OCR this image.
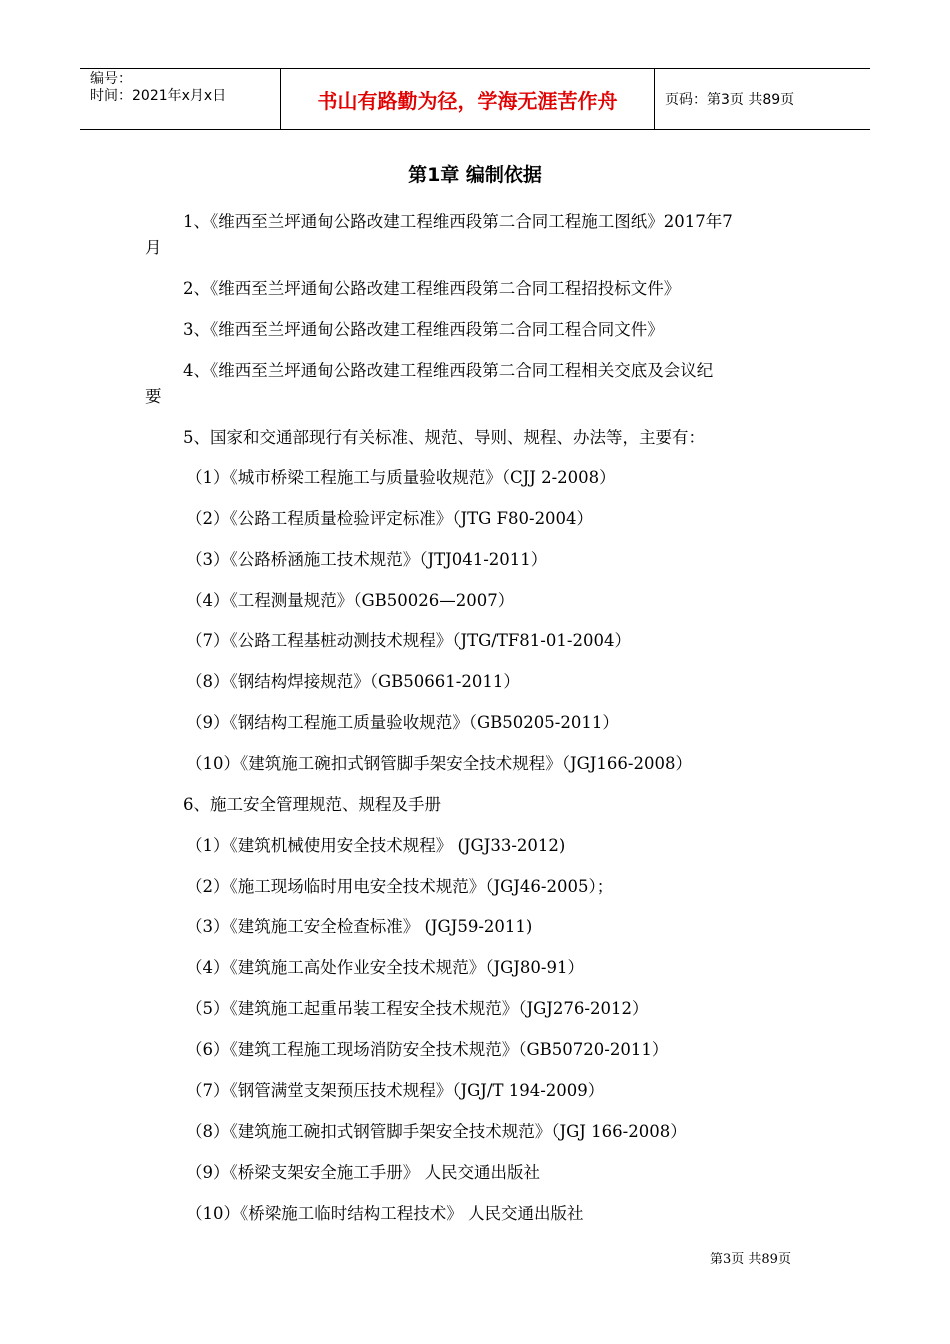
编号：
时间：2021年x月x日	书山有路勤为径，学海无涯苦作舟	页码：第3页 共89页
第1章 编制依据
1、《维西至兰坪通甸公路改建工程维西段第二合同工程施工图纸》2017年7
月
2、《维西至兰坪通甸公路改建工程维西段第二合同工程招投标文件》
3、《维西至兰坪通甸公路改建工程维西段第二合同工程合同文件》
4、《维西至兰坪通甸公路改建工程维西段第二合同工程相关交底及会议纪
要
5、国家和交通部现行有关标准、规范、导则、规程、办法等，主要有：
（1）《城市桥梁工程施工与质量验收规范》（CJJ 2-2008）
（2）《公路工程质量检验评定标准》（JTG F80-2004）
（3）《公路桥涵施工技术规范》（JTJ041-2011）
（4）《工程测量规范》（GB50026—2007）
（7）《公路工程基桩动测技术规程》（JTG/TF81-01-2004）
（8）《钢结构焊接规范》（GB50661-2011）
（9）《钢结构工程施工质量验收规范》（GB50205-2011）
（10）《建筑施工碗扣式钢管脚手架安全技术规程》（JGJ166-2008）
6、施工安全管理规范、规程及手册
（1）《建筑机械使用安全技术规程》 (JGJ33-2012)
（2）《施工现场临时用电安全技术规范》（JGJ46-2005）；
（3）《建筑施工安全检查标准》 (JGJ59-2011)
（4）《建筑施工高处作业安全技术规范》（JGJ80-91）
（5）《建筑施工起重吊装工程安全技术规范》（JGJ276-2012）
（6）《建筑工程施工现场消防安全技术规范》（GB50720-2011）
（7）《钢管满堂支架预压技术规程》（JGJ/T 194-2009）
（8）《建筑施工碗扣式钢管脚手架安全技术规范》（JGJ 166-2008）
（9）《桥梁支架安全施工手册》 人民交通出版社
（10）《桥梁施工临时结构工程技术》 人民交通出版社
第3页 共89页
